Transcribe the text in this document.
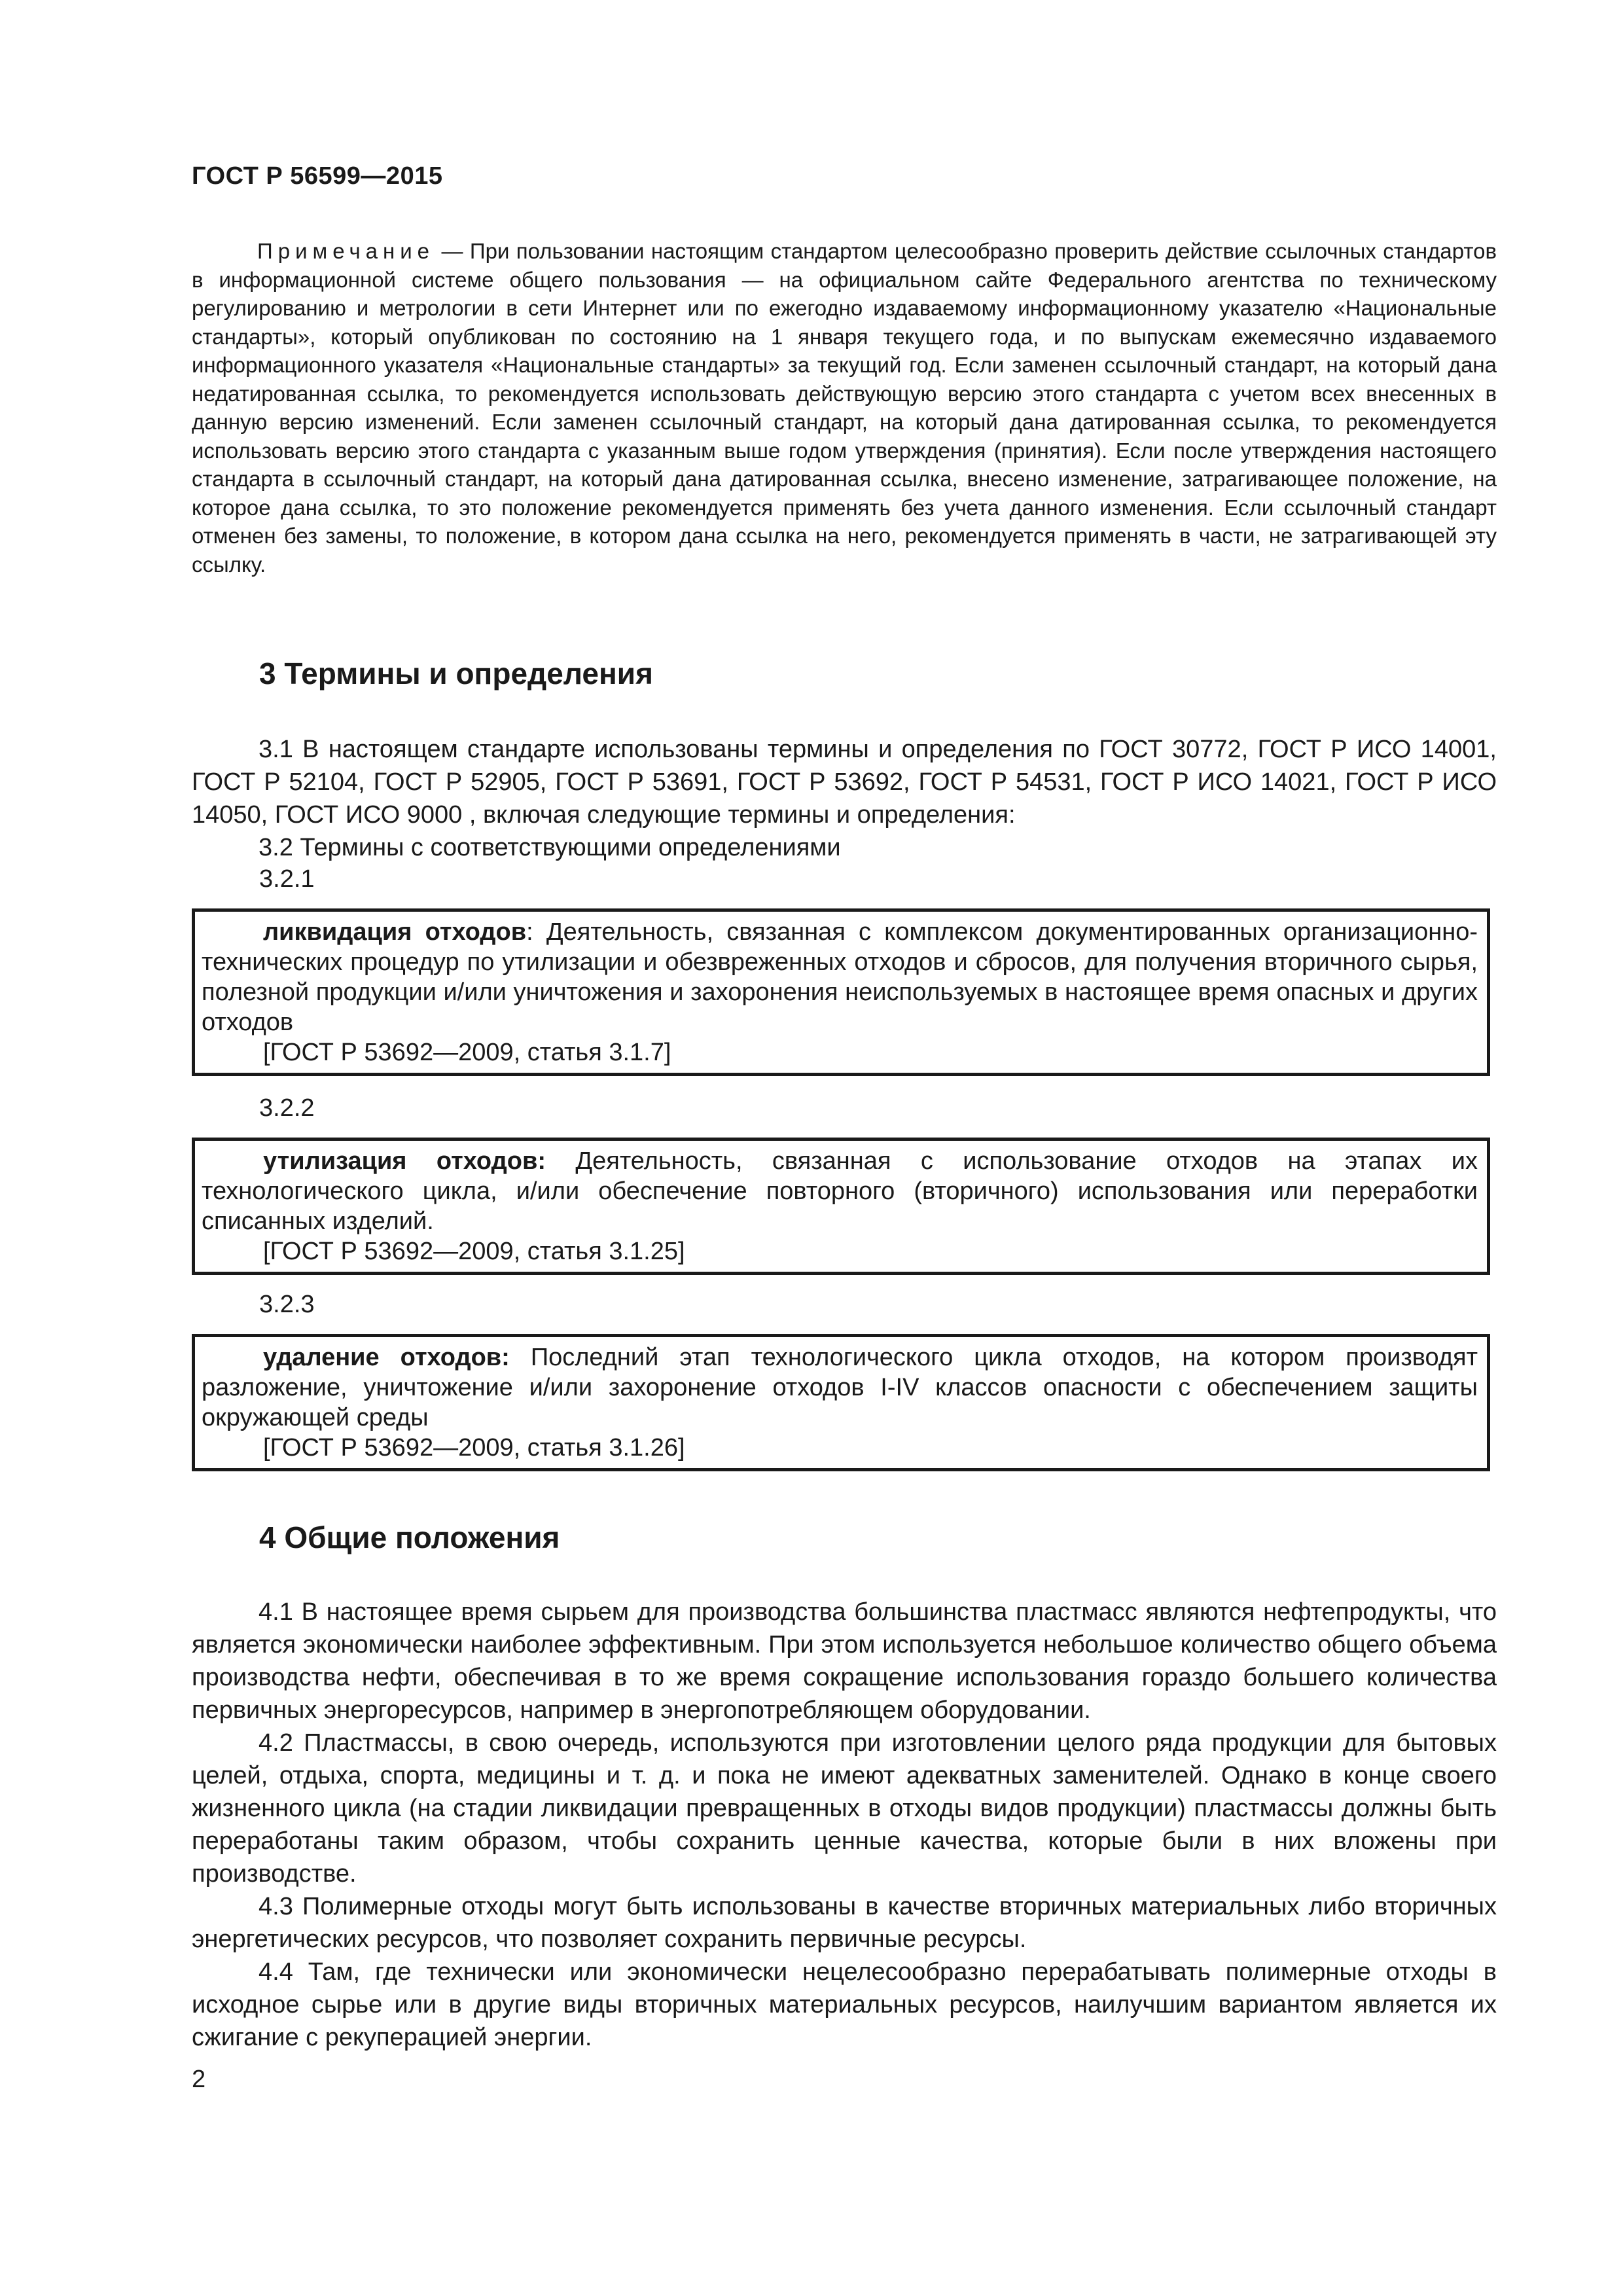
ГОСТ Р 56599—2015

Примечание — При пользовании настоящим стандартом целесообразно проверить действие ссылочных стандартов в информационной системе общего пользования — на официальном сайте Федерального агентства по техническому регулированию и метрологии в сети Интернет или по ежегодно издаваемому информационному указателю «Национальные стандарты», который опубликован по состоянию на 1 января текущего года, и по выпускам ежемесячно издаваемого информационного указателя «Национальные стандарты» за текущий год. Если заменен ссылочный стандарт, на который дана недатированная ссылка, то рекомендуется использовать действующую версию этого стандарта с учетом всех внесенных в данную версию изменений. Если заменен ссылочный стандарт, на который дана датированная ссылка, то рекомендуется использовать версию этого стандарта с указанным выше годом утверждения (принятия). Если после утверждения настоящего стандарта в ссылочный стандарт, на который дана датированная ссылка, внесено изменение, затрагивающее положение, на которое дана ссылка, то это положение рекомендуется применять без учета данного изменения. Если ссылочный стандарт отменен без замены, то положение, в котором дана ссылка на него, рекомендуется применять в части, не затрагивающей эту ссылку.

3 Термины и определения

3.1 В настоящем стандарте использованы термины и определения по ГОСТ 30772, ГОСТ Р ИСО 14001, ГОСТ Р 52104, ГОСТ Р 52905, ГОСТ Р 53691, ГОСТ Р 53692, ГОСТ Р 54531, ГОСТ Р ИСО 14021, ГОСТ Р ИСО 14050, ГОСТ ИСО 9000 , включая следующие термины и определения:

3.2 Термины с соответствующими определениями

3.2.1

ликвидация отходов: Деятельность, связанная с комплексом документированных организационно-технических процедур по утилизации и обезвреженных отходов и сбросов, для получения вторичного сырья, полезной продукции и/или уничтожения и захоронения неиспользуемых в настоящее время опасных и других отходов

[ГОСТ Р 53692—2009, статья 3.1.7]

3.2.2

утилизация отходов: Деятельность, связанная с использование отходов на этапах их технологического цикла, и/или обеспечение повторного (вторичного) использования или переработки списанных изделий.

[ГОСТ Р 53692—2009, статья 3.1.25]

3.2.3

удаление отходов: Последний этап технологического цикла отходов, на котором производят разложение, уничтожение и/или захоронение отходов I-IV классов опасности с обеспечением защиты окружающей среды

[ГОСТ Р 53692—2009, статья 3.1.26]

4 Общие положения

4.1 В настоящее время сырьем для производства большинства пластмасс являются нефтепродукты, что является экономически наиболее эффективным. При этом используется небольшое количество общего объема производства нефти, обеспечивая в то же время сокращение использования гораздо большего количества первичных энергоресурсов, например в энергопотребляющем оборудовании.

4.2 Пластмассы, в свою очередь, используются при изготовлении целого ряда продукции для бытовых целей, отдыха, спорта, медицины и т. д. и пока не имеют адекватных заменителей. Однако в конце своего жизненного цикла (на стадии ликвидации превращенных в отходы видов продукции) пластмассы должны быть переработаны таким образом, чтобы сохранить ценные качества, которые были в них вложены при производстве.

4.3 Полимерные отходы могут быть использованы в качестве вторичных материальных либо вторичных энергетических ресурсов, что позволяет сохранить первичные ресурсы.

4.4 Там, где технически или экономически нецелесообразно перерабатывать полимерные отходы в исходное сырье или в другие виды вторичных материальных ресурсов, наилучшим вариантом является их сжигание с рекуперацией энергии.

2
